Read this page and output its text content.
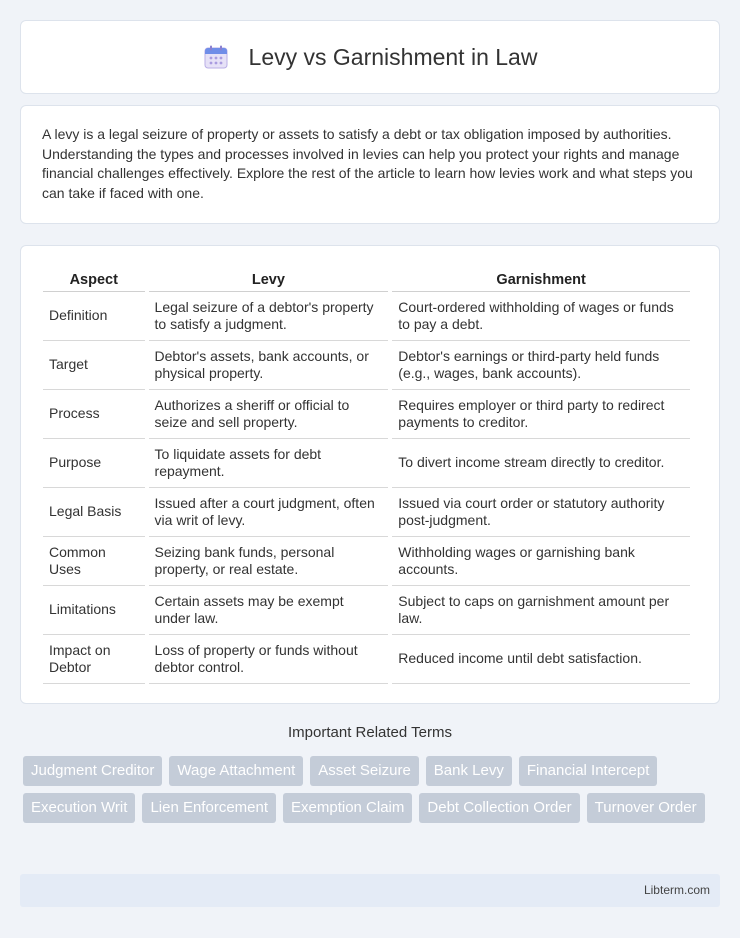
Levy vs Garnishment in Law

A levy is a legal seizure of property or assets to satisfy a debt or tax obligation imposed by authorities. Understanding the types and processes involved in levies can help you protect your rights and manage financial challenges effectively. Explore the rest of the article to learn how levies work and what steps you can take if faced with one.

Aspect	Levy	Garnishment
Definition	Legal seizure of a debtor's property to satisfy a judgment.	Court-ordered withholding of wages or funds to pay a debt.
Target	Debtor's assets, bank accounts, or physical property.	Debtor's earnings or third-party held funds (e.g., wages, bank accounts).
Process	Authorizes a sheriff or official to seize and sell property.	Requires employer or third party to redirect payments to creditor.
Purpose	To liquidate assets for debt repayment.	To divert income stream directly to creditor.
Legal Basis	Issued after a court judgment, often via writ of levy.	Issued via court order or statutory authority post-judgment.
Common Uses	Seizing bank funds, personal property, or real estate.	Withholding wages or garnishing bank accounts.
Limitations	Certain assets may be exempt under law.	Subject to caps on garnishment amount per law.
Impact on Debtor	Loss of property or funds without debtor control.	Reduced income until debt satisfaction.
Important Related Terms
Judgment Creditor	Wage Attachment	Asset Seizure	Bank Levy	Financial Intercept
Execution Writ	Lien Enforcement	Exemption Claim	Debt Collection Order	Turnover Order
Libterm.com
